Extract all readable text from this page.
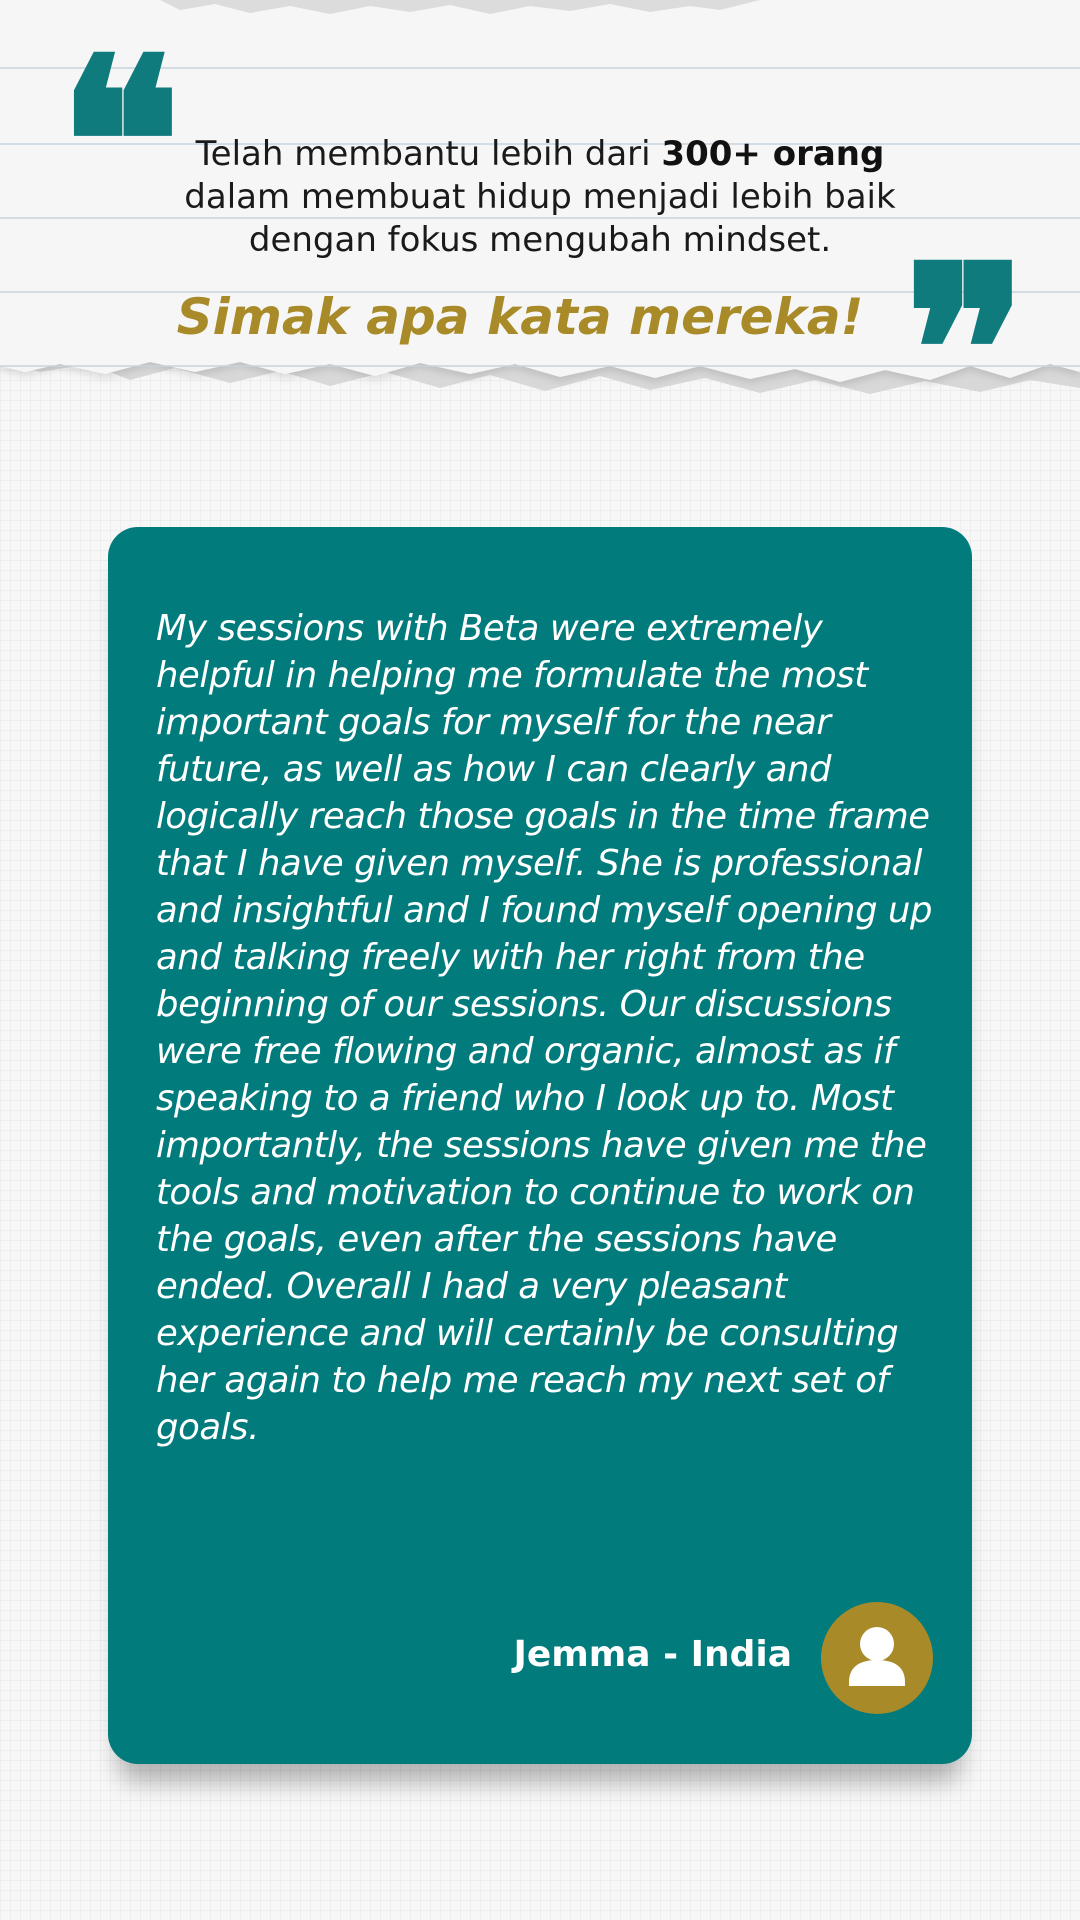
❝
❞
Telah membantu lebih dari 300+ orang
dalam membuat hidup menjadi lebih baik
dengan fokus mengubah mindset.
Simak apa kata mereka!

My sessions with Beta were extremely helpful in helping me formulate the most important goals for myself for the near future, as well as how I can clearly and logically reach those goals in the time frame that I have given myself. She is professional and insightful and I found myself opening up and talking freely with her right from the beginning of our sessions. Our discussions were free flowing and organic, almost as if speaking to a friend who I look up to. Most importantly, the sessions have given me the tools and motivation to continue to work on the goals, even after the sessions have ended. Overall I had a very pleasant experience and will certainly be consulting her again to help me reach my next set of goals.

Jemma - India
